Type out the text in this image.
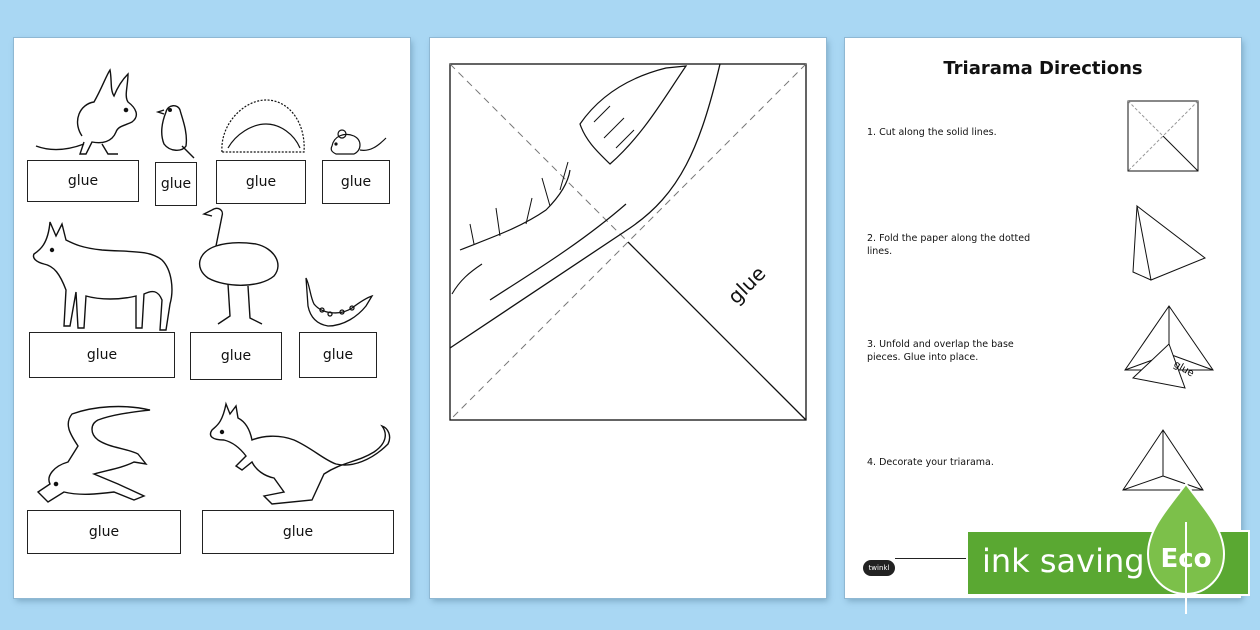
glue	glue	glue	glue
glue	glue	glue
glue	glue
glue
Triarama Directions
1. Cut along the solid lines.
2. Fold the paper along the dotted lines.
3. Unfold and overlap the base pieces. Glue into place.
4. Decorate your triarama.
glue
twinkl	ink saving Eco
